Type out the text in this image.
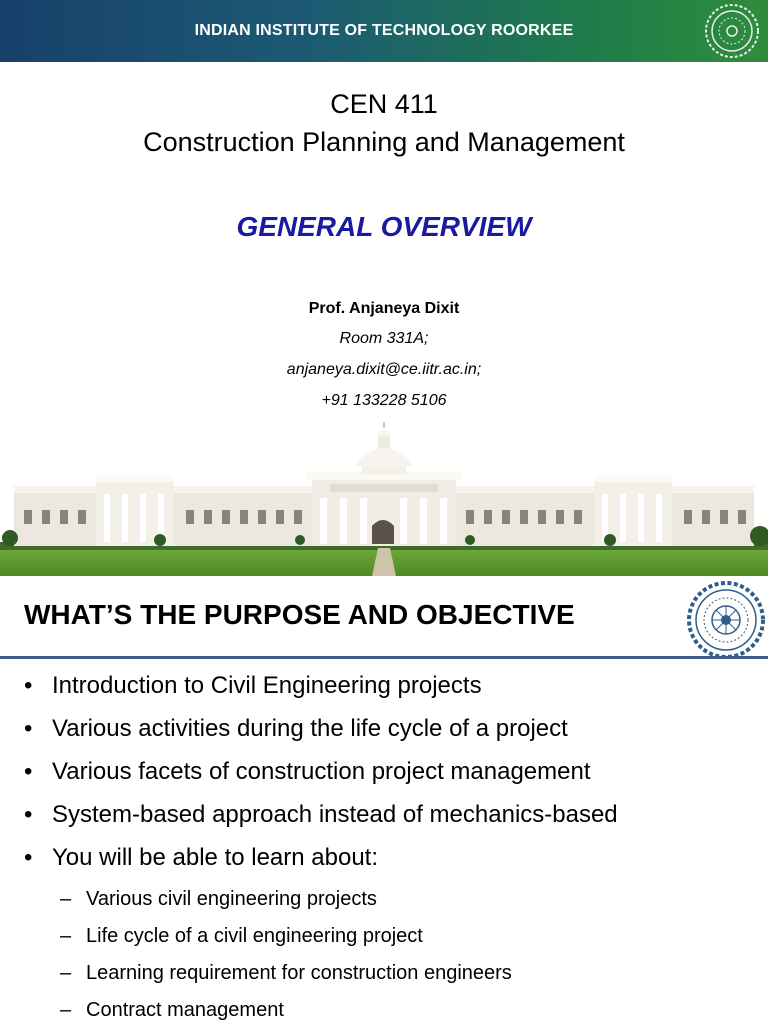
INDIAN INSTITUTE OF TECHNOLOGY ROORKEE
CEN 411
Construction Planning and Management
GENERAL OVERVIEW
Prof. Anjaneya Dixit
Room 331A;
anjaneya.dixit@ce.iitr.ac.in;
+91 133228 5106
WHAT’S THE PURPOSE AND OBJECTIVE
• Introduction to Civil Engineering projects
• Various activities during the life cycle of a project
• Various facets of construction project management
• System-based approach instead of mechanics-based
• You will be able to learn about:
– Various civil engineering projects
– Life cycle of a civil engineering project
– Learning requirement for construction engineers
– Contract management
